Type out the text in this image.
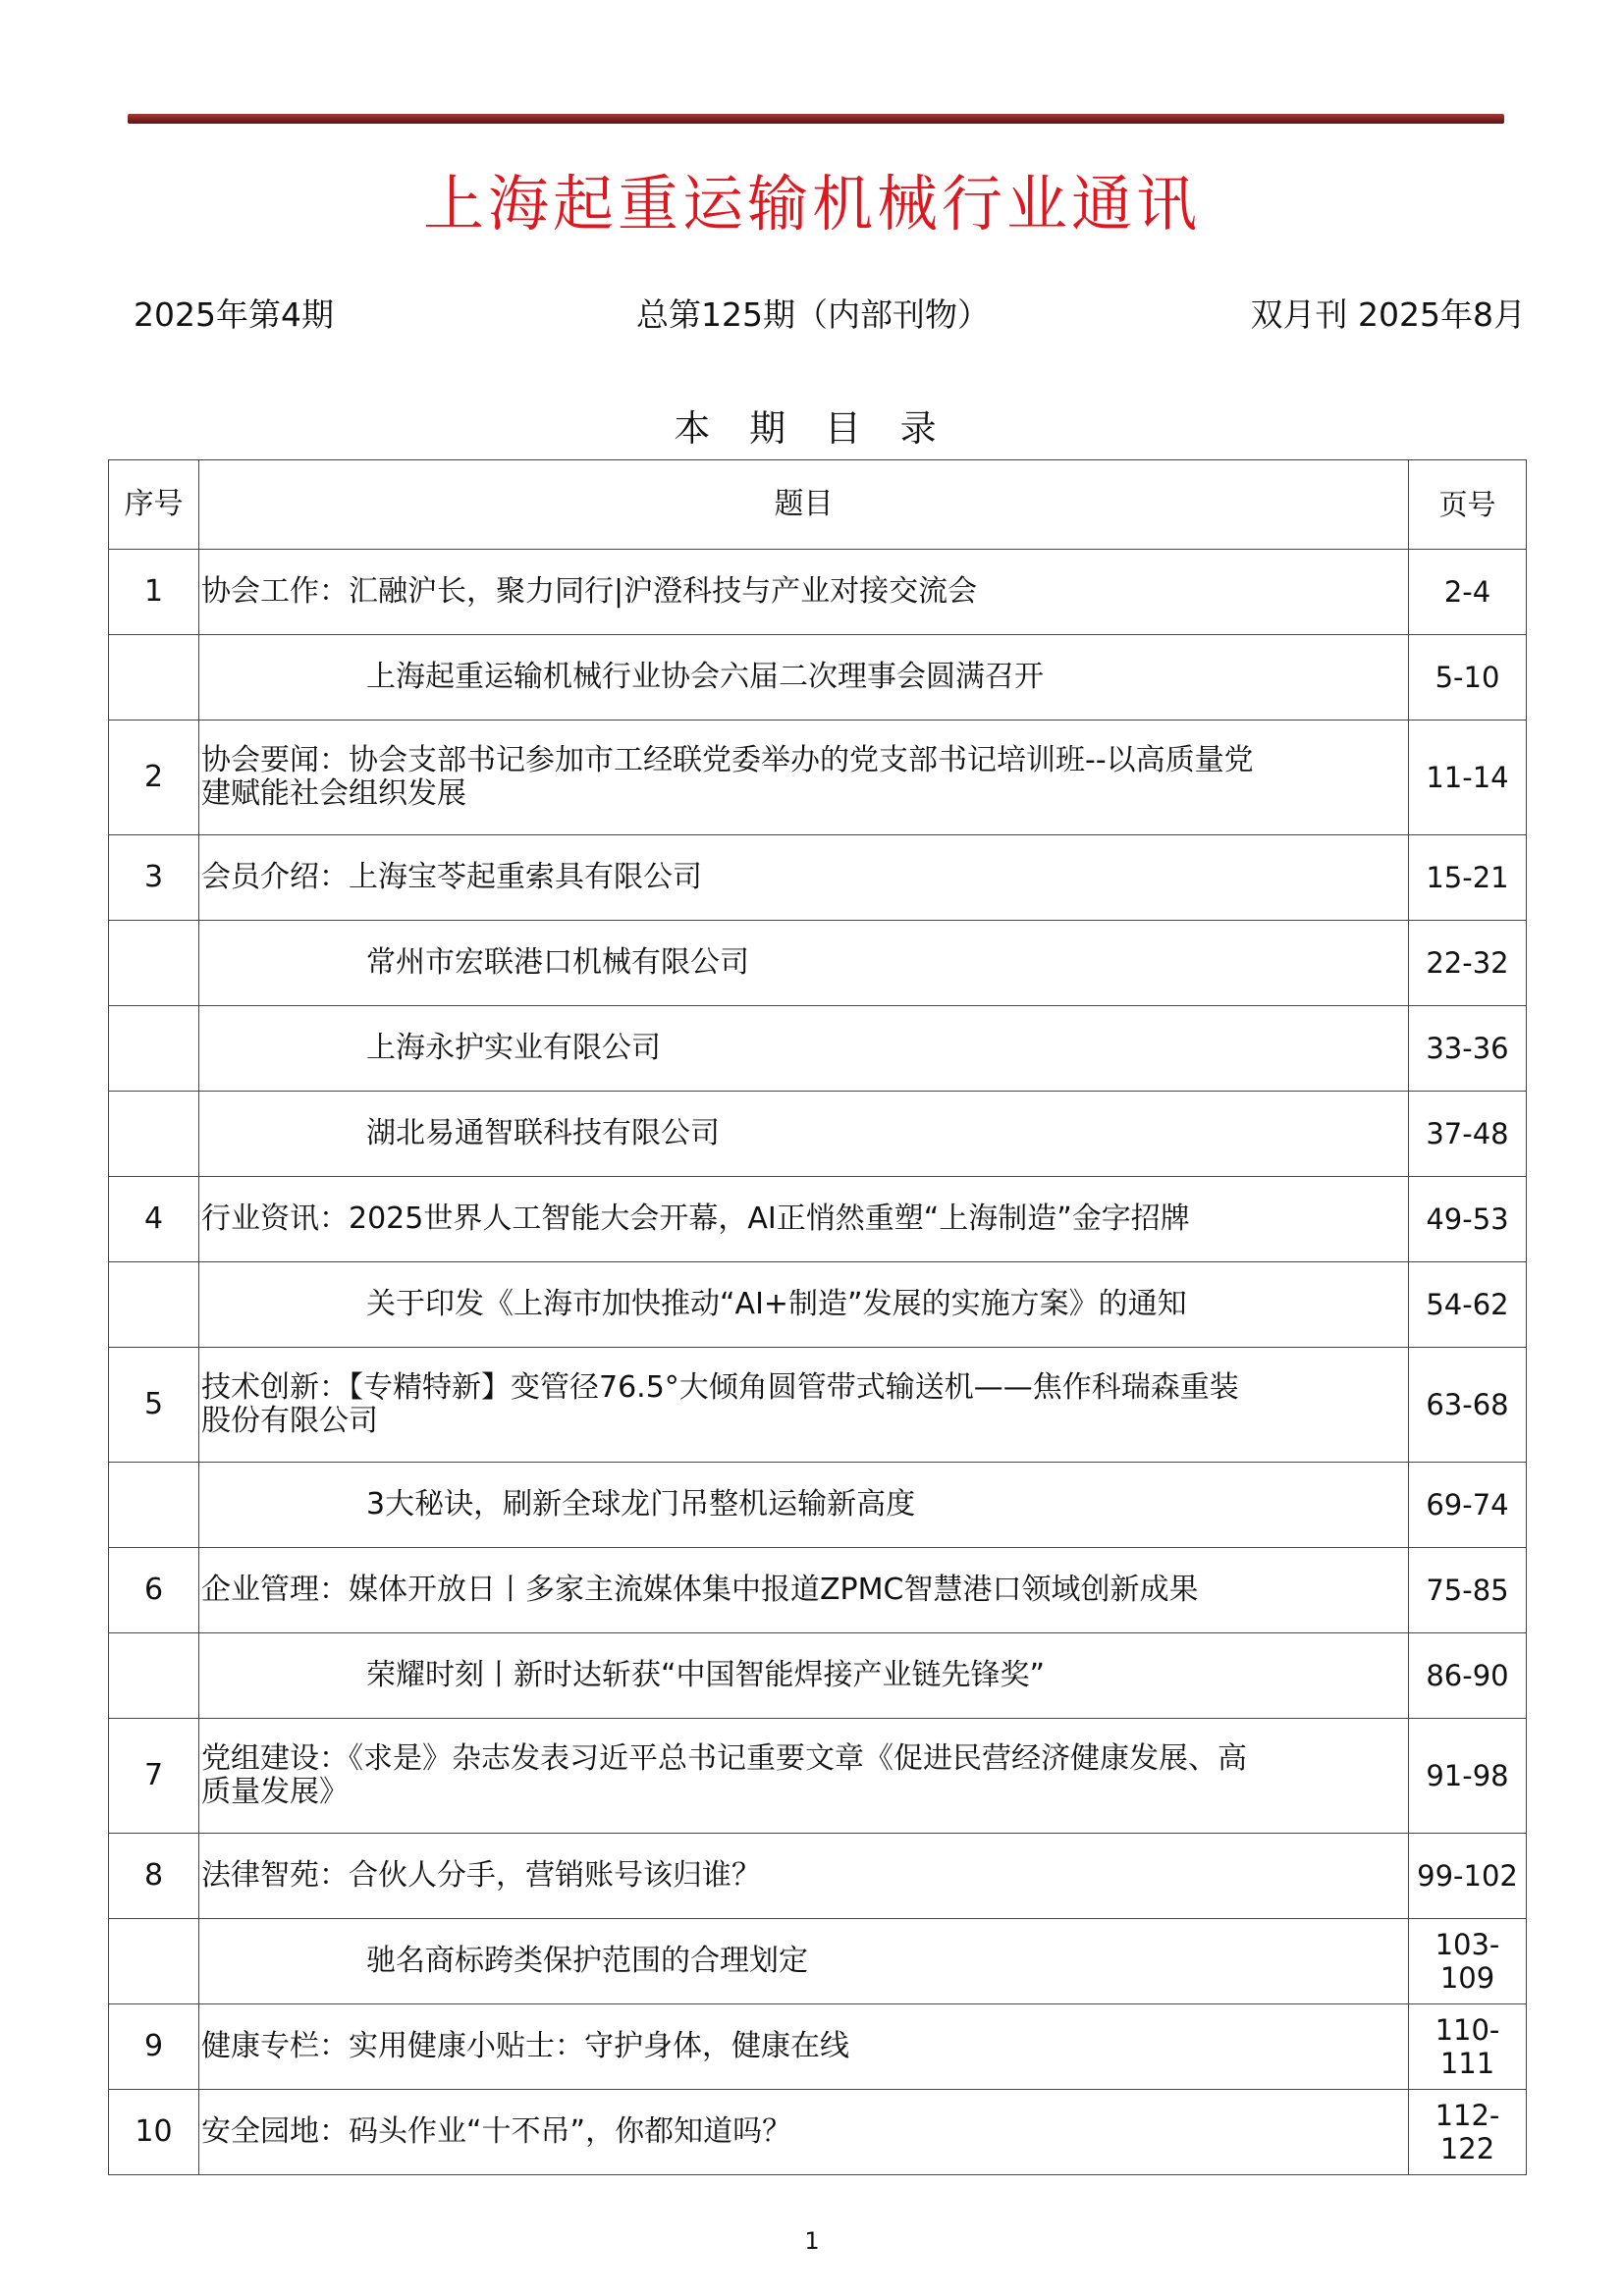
上海起重运输机械行业通讯
2025年第4期	总第125期（内部刊物）	双月刊 2025年8月
本 期 目 录
序号	题目	页号
1	协会工作：汇融沪长，聚力同行|沪澄科技与产业对接交流会	2-4

	上海起重运输机械行业协会六届二次理事会圆满召开	5-10
2	协会要闻：协会支部书记参加市工经联党委举办的党支部书记培训班--以高质量党
建赋能社会组织发展	11-14
3	会员介绍：上海宝苓起重索具有限公司	15-21

	常州市宏联港口机械有限公司	22-32

	上海永护实业有限公司	33-36

	湖北易通智联科技有限公司	37-48
4	行业资讯：2025世界人工智能大会开幕，AI正悄然重塑“上海制造”金字招牌	49-53

	关于印发《上海市加快推动“AI+制造”发展的实施方案》的通知	54-62
5	技术创新：【专精特新】变管径76.5°大倾角圆管带式输送机——焦作科瑞森重装
股份有限公司	63-68

	3大秘诀，刷新全球龙门吊整机运输新高度	69-74
6	企业管理：媒体开放日丨多家主流媒体集中报道ZPMC智慧港口领域创新成果	75-85

	荣耀时刻丨新时达斩获“中国智能焊接产业链先锋奖”	86-90
7	党组建设：《求是》杂志发表习近平总书记重要文章《促进民营经济健康发展、高
质量发展》	91-98
8	法律智苑：合伙人分手，营销账号该归谁？	99-102

	驰名商标跨类保护范围的合理划定	103-109
9	健康专栏：实用健康小贴士：守护身体，健康在线	110-111
10	安全园地：码头作业“十不吊”，你都知道吗？	112-122
1
